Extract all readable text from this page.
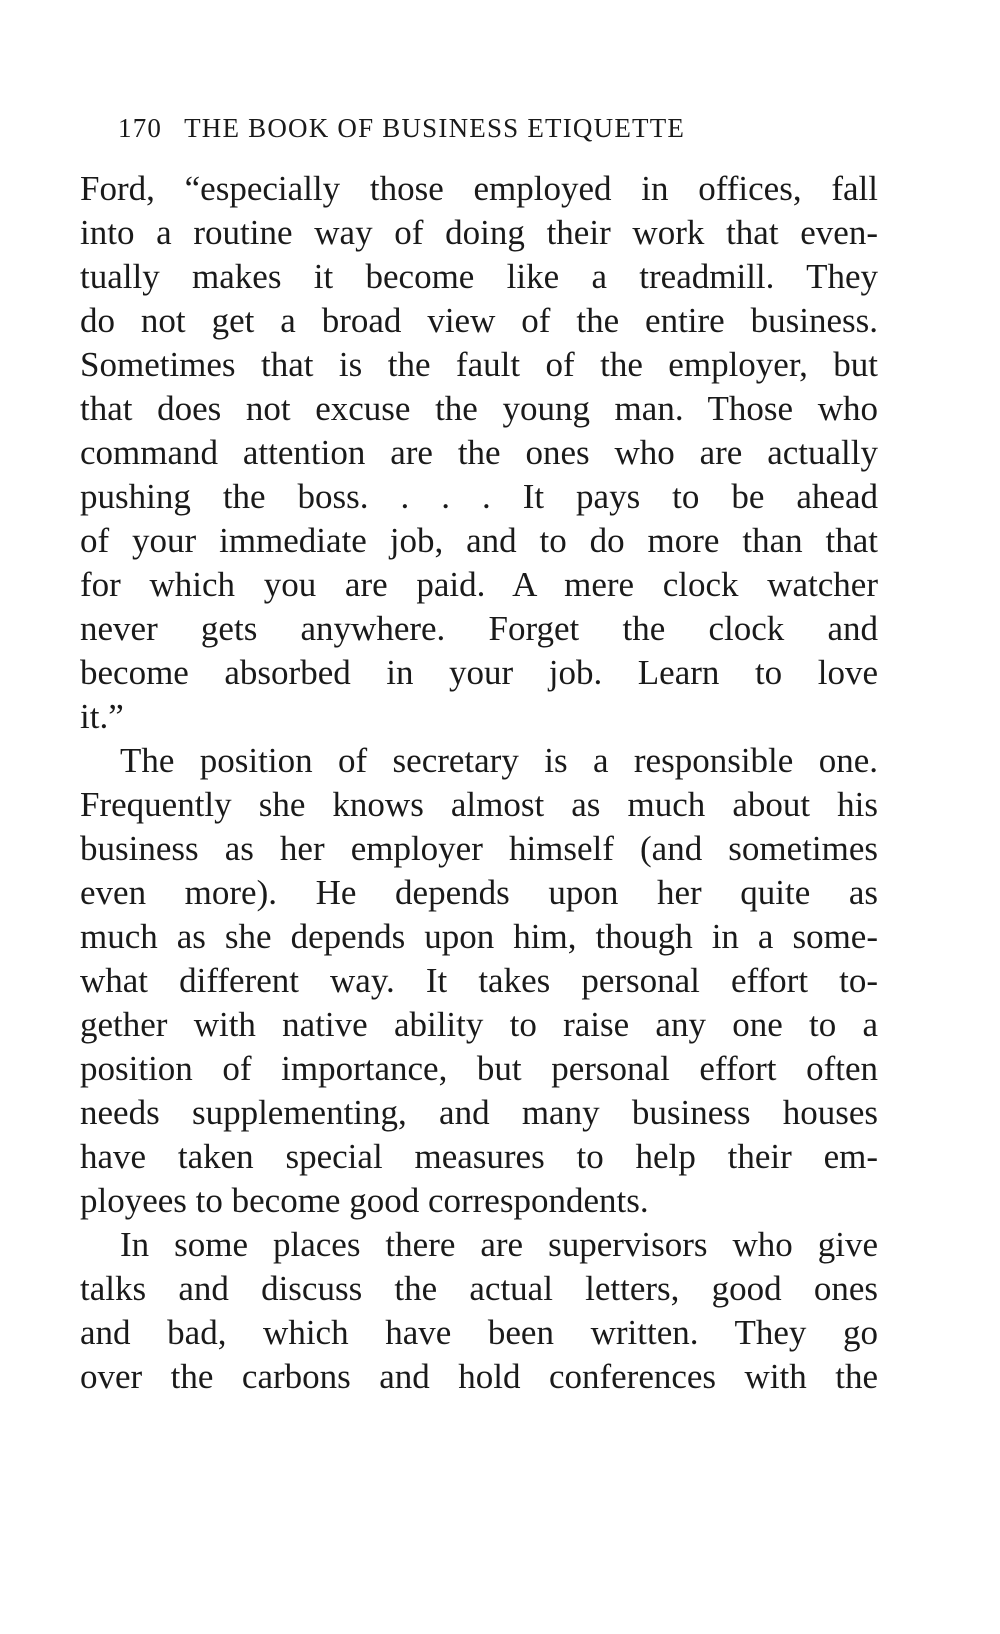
170 THE BOOK OF BUSINESS ETIQUETTE
Ford, “especially those employed in offices, fall
into a routine way of doing their work that even-
tually makes it become like a treadmill. They
do not get a broad view of the entire business.
Sometimes that is the fault of the employer, but
that does not excuse the young man. Those who
command attention are the ones who are actually
pushing the boss. . . . It pays to be ahead
of your immediate job, and to do more than that
for which you are paid. A mere clock watcher
never gets anywhere. Forget the clock and
become absorbed in your job. Learn to love
it.”
The position of secretary is a responsible one.
Frequently she knows almost as much about his
business as her employer himself (and sometimes
even more). He depends upon her quite as
much as she depends upon him, though in a some-
what different way. It takes personal effort to-
gether with native ability to raise any one to a
position of importance, but personal effort often
needs supplementing, and many business houses
have taken special measures to help their em-
ployees to become good correspondents.
In some places there are supervisors who give
talks and discuss the actual letters, good ones
and bad, which have been written. They go
over the carbons and hold conferences with the
